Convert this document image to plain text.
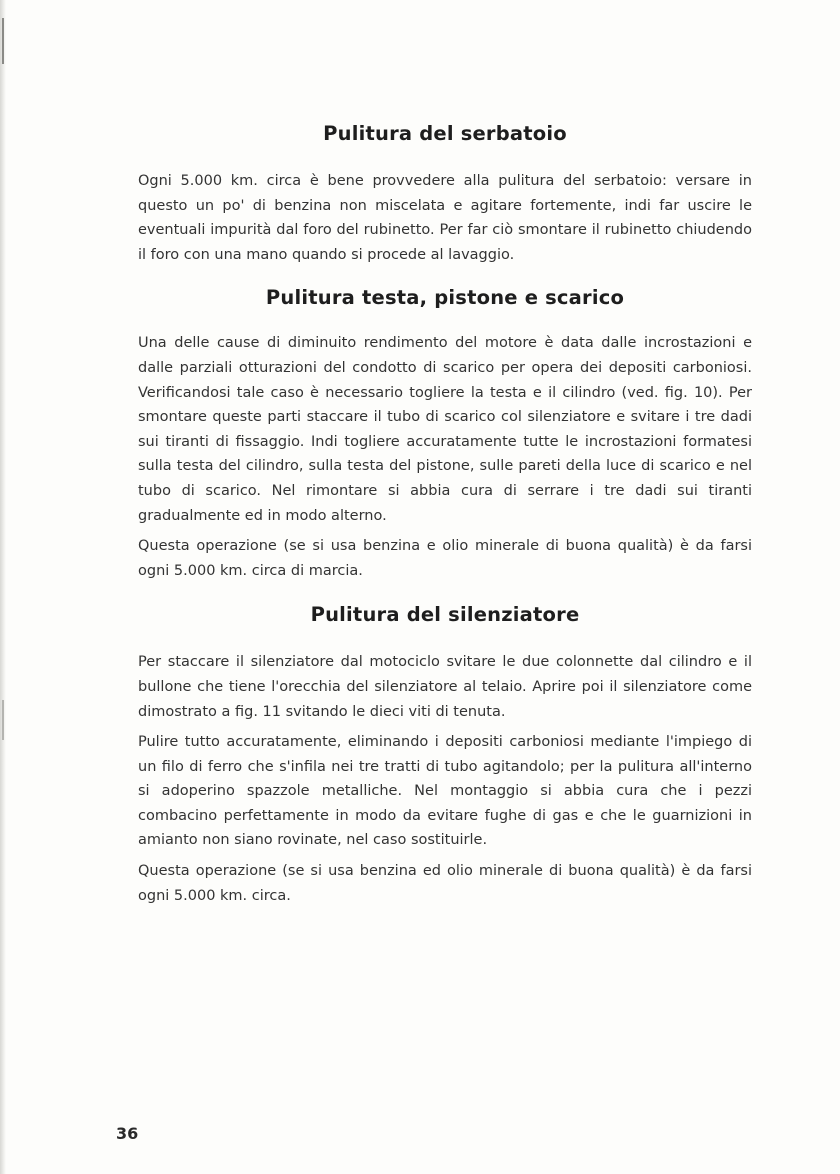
Pulitura del serbatoio

Ogni 5.000 km. circa è bene provvedere alla pulitura del serbatoio: versare in questo un po' di benzina non miscelata e agitare fortemente, indi far uscire le eventuali impurità dal foro del rubinetto. Per far ciò smontare il rubinetto chiudendo il foro con una mano quando si procede al lavaggio.

Pulitura testa, pistone e scarico

Una delle cause di diminuito rendimento del motore è data dalle incrostazioni e dalle parziali otturazioni del condotto di scarico per opera dei depositi carboniosi. Verificandosi tale caso è necessario togliere la testa e il cilindro (ved. fig. 10). Per smontare queste parti staccare il tubo di scarico col silenziatore e svitare i tre dadi sui tiranti di fissaggio. Indi togliere accuratamente tutte le incrostazioni formatesi sulla testa del cilindro, sulla testa del pistone, sulle pareti della luce di scarico e nel tubo di scarico. Nel rimontare si abbia cura di serrare i tre dadi sui tiranti gradualmente ed in modo alterno.

Questa operazione (se si usa benzina e olio minerale di buona qualità) è da farsi ogni 5.000 km. circa di marcia.

Pulitura del silenziatore

Per staccare il silenziatore dal motociclo svitare le due colonnette dal cilindro e il bullone che tiene l'orecchia del silenziatore al telaio. Aprire poi il silenziatore come dimostrato a fig. 11 svitando le dieci viti di tenuta.

Pulire tutto accuratamente, eliminando i depositi carboniosi mediante l'impiego di un filo di ferro che s'infila nei tre tratti di tubo agitandolo; per la pulitura all'interno si adoperino spazzole metalliche. Nel montaggio si abbia cura che i pezzi combacino perfettamente in modo da evitare fughe di gas e che le guarnizioni in amianto non siano rovinate, nel caso sostituirle.

Questa operazione (se si usa benzina ed olio minerale di buona qualità) è da farsi ogni 5.000 km. circa.

36
